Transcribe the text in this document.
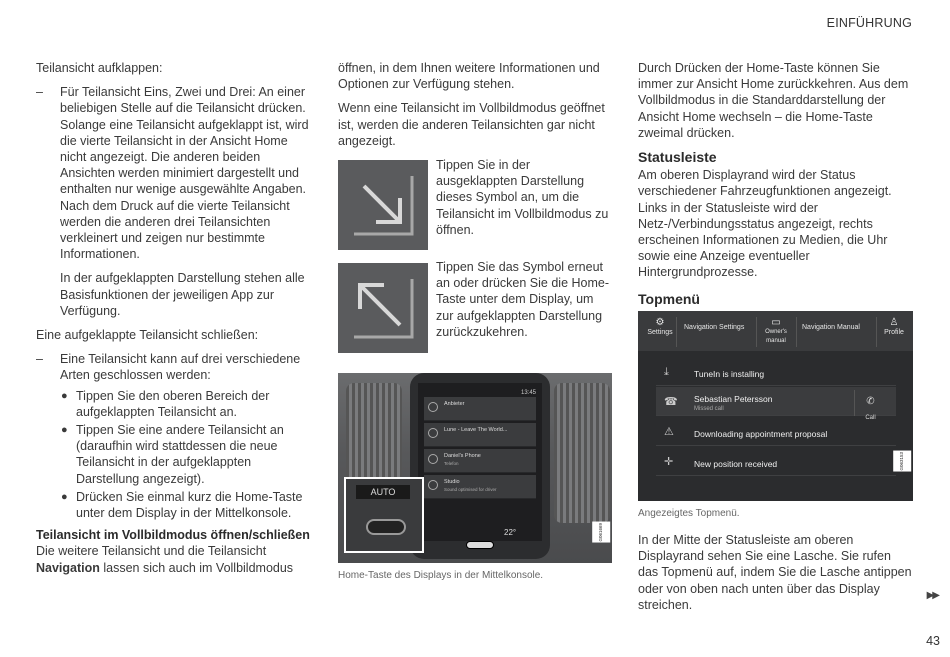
EINFÜHRUNG

Teilansicht aufklappen:

– Für Teilansicht Eins, Zwei und Drei: An einer beliebigen Stelle auf die Teilansicht drücken. Solange eine Teilansicht aufgeklappt ist, wird die vierte Teilansicht in der Ansicht Home nicht angezeigt. Die anderen beiden Ansichten werden minimiert dargestellt und enthalten nur wenige ausgewählte Angaben. Nach dem Druck auf die vierte Teilansicht werden die anderen drei Teilansichten verkleinert und zeigen nur bestimmte Informationen.

In der aufgeklappten Darstellung stehen alle Basisfunktionen der jeweiligen App zur Verfügung.

Eine aufgeklappte Teilansicht schließen:

– Eine Teilansicht kann auf drei verschiedene Arten geschlossen werden:
● Tippen Sie den oberen Bereich der aufgeklappten Teilansicht an.
● Tippen Sie eine andere Teilansicht an (daraufhin wird stattdessen die neue Teilansicht in der aufgeklappten Darstellung angezeigt).
● Drücken Sie einmal kurz die Home-Taste unter dem Display in der Mittelkonsole.
Teilansicht im Vollbildmodus öffnen/schließen

Die weitere Teilansicht und die Teilansicht Navigation lassen sich auch im Vollbildmodus

öffnen, in dem Ihnen weitere Informationen und Optionen zur Verfügung stehen.

Wenn eine Teilansicht im Vollbildmodus geöffnet ist, werden die anderen Teilansichten gar nicht angezeigt.

Tippen Sie in der ausgeklappten Darstellung dieses Symbol an, um die Teilansicht im Vollbildmodus zu öffnen.
Tippen Sie das Symbol erneut an oder drücken Sie die Home-Taste unter dem Display, um zur aufgeklappten Darstellung zurückzukehren.
13:45
Anbieter
Lune - Leave The World...
Daniel's Phone
Telefon
Studio
Sound optimised for driver
22°
AUTO
G061669
Home-Taste des Displays in der Mittelkonsole.

Durch Drücken der Home-Taste können Sie immer zur Ansicht Home zurückkehren. Aus dem Vollbildmodus in die Standarddarstellung der Ansicht Home wechseln – die Home-Taste zweimal drücken.

Statusleiste

Am oberen Displayrand wird der Status verschiedener Fahrzeugfunktionen angezeigt. Links in der Statusleiste wird der Netz-/Verbindungsstatus angezeigt, rechts erscheinen Informationen zu Medien, die Uhr sowie eine Anzeige eventueller Hintergrundprozesse.

Topmenü
⚙
Settings
Navigation Settings	▭
Owner's manual
Navigation Manual	♙
Profile
⤓	TuneIn is installing
☎ Sebastian Petersson
Missed call
✆
Call
⚠ Downloading appointment proposal
✛ New position received	G063153
Angezeigtes Topmenü.

In der Mitte der Statusleiste am oberen Displayrand sehen Sie eine Lasche. Sie rufen das Topmenü auf, indem Sie die Lasche antippen oder von oben nach unten über das Display streichen.

▶▶
43
